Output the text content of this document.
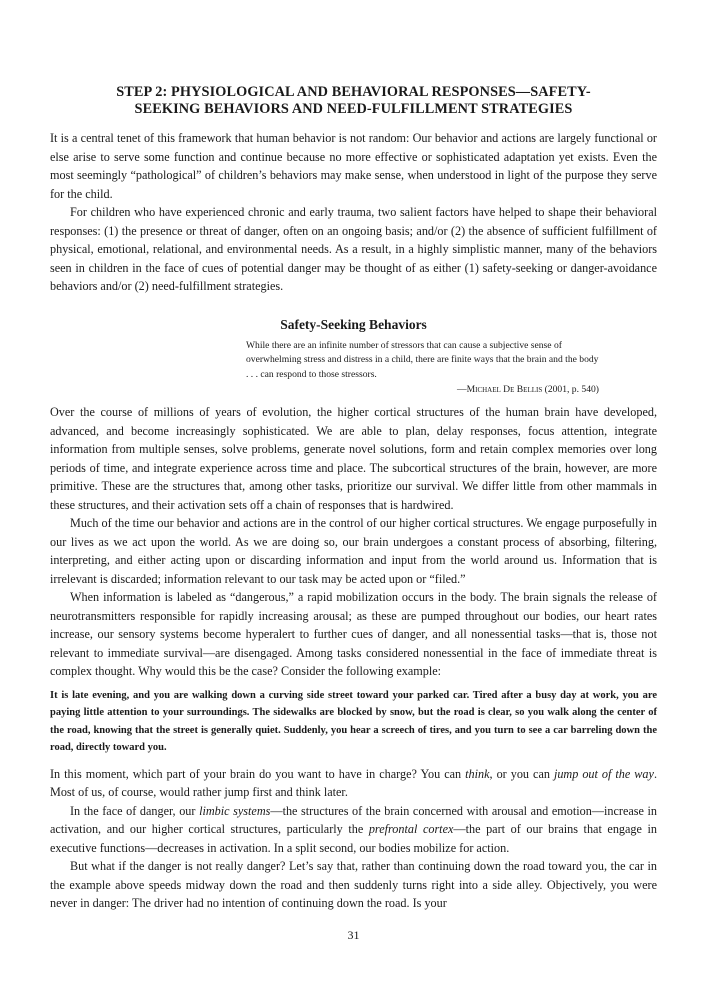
STEP 2: PHYSIOLOGICAL AND BEHAVIORAL RESPONSES—SAFETY-
SEEKING BEHAVIORS AND NEED-FULFILLMENT STRATEGIES

It is a central tenet of this framework that human behavior is not random: Our behavior and actions are largely functional or else arise to serve some function and continue because no more effective or sophisticated adaptation yet exists. Even the most seemingly “pathological” of children’s behaviors may make sense, when understood in light of the purpose they serve for the child.

For children who have experienced chronic and early trauma, two salient factors have helped to shape their behavioral responses: (1) the presence or threat of danger, often on an ongoing basis; and/or (2) the absence of sufficient fulfillment of physical, emotional, relational, and environmental needs. As a result, in a highly simplistic manner, many of the behaviors seen in children in the face of cues of potential danger may be thought of as either (1) safety-seeking or danger-avoidance behaviors and/or (2) need-fulfillment strategies.

Safety-Seeking Behaviors
While there are an infinite number of stressors that can cause a subjective sense of overwhelming stress and distress in a child, there are finite ways that the brain and the body . . . can respond to those stressors.
—Michael De Bellis (2001, p. 540)

Over the course of millions of years of evolution, the higher cortical structures of the human brain have developed, advanced, and become increasingly sophisticated. We are able to plan, delay responses, focus attention, integrate information from multiple senses, solve problems, generate novel solutions, form and retain complex memories over long periods of time, and integrate experience across time and place. The subcortical structures of the brain, however, are more primitive. These are the structures that, among other tasks, prioritize our survival. We differ little from other mammals in these structures, and their activation sets off a chain of responses that is hardwired.

Much of the time our behavior and actions are in the control of our higher cortical structures. We engage purposefully in our lives as we act upon the world. As we are doing so, our brain undergoes a constant process of absorbing, filtering, interpreting, and either acting upon or discarding information and input from the world around us. Information that is irrelevant is discarded; information relevant to our task may be acted upon or “filed.”

When information is labeled as “dangerous,” a rapid mobilization occurs in the body. The brain signals the release of neurotransmitters responsible for rapidly increasing arousal; as these are pumped throughout our bodies, our heart rates increase, our sensory systems become hyperalert to further cues of danger, and all nonessential tasks—that is, those not relevant to immediate survival—are disengaged. Among tasks considered nonessential in the face of immediate threat is complex thought. Why would this be the case? Consider the following example:

It is late evening, and you are walking down a curving side street toward your parked car. Tired after a busy day at work, you are paying little attention to your surroundings. The sidewalks are blocked by snow, but the road is clear, so you walk along the center of the road, knowing that the street is generally quiet. Suddenly, you hear a screech of tires, and you turn to see a car barreling down the road, directly toward you.

In this moment, which part of your brain do you want to have in charge? You can think, or you can jump out of the way. Most of us, of course, would rather jump first and think later.

In the face of danger, our limbic systems—the structures of the brain concerned with arousal and emotion—increase in activation, and our higher cortical structures, particularly the prefrontal cortex—the part of our brains that engage in executive functions—decreases in activation. In a split second, our bodies mobilize for action.

But what if the danger is not really danger? Let’s say that, rather than continuing down the road toward you, the car in the example above speeds midway down the road and then suddenly turns right into a side alley. Objectively, you were never in danger: The driver had no intention of continuing down the road. Is your

31
